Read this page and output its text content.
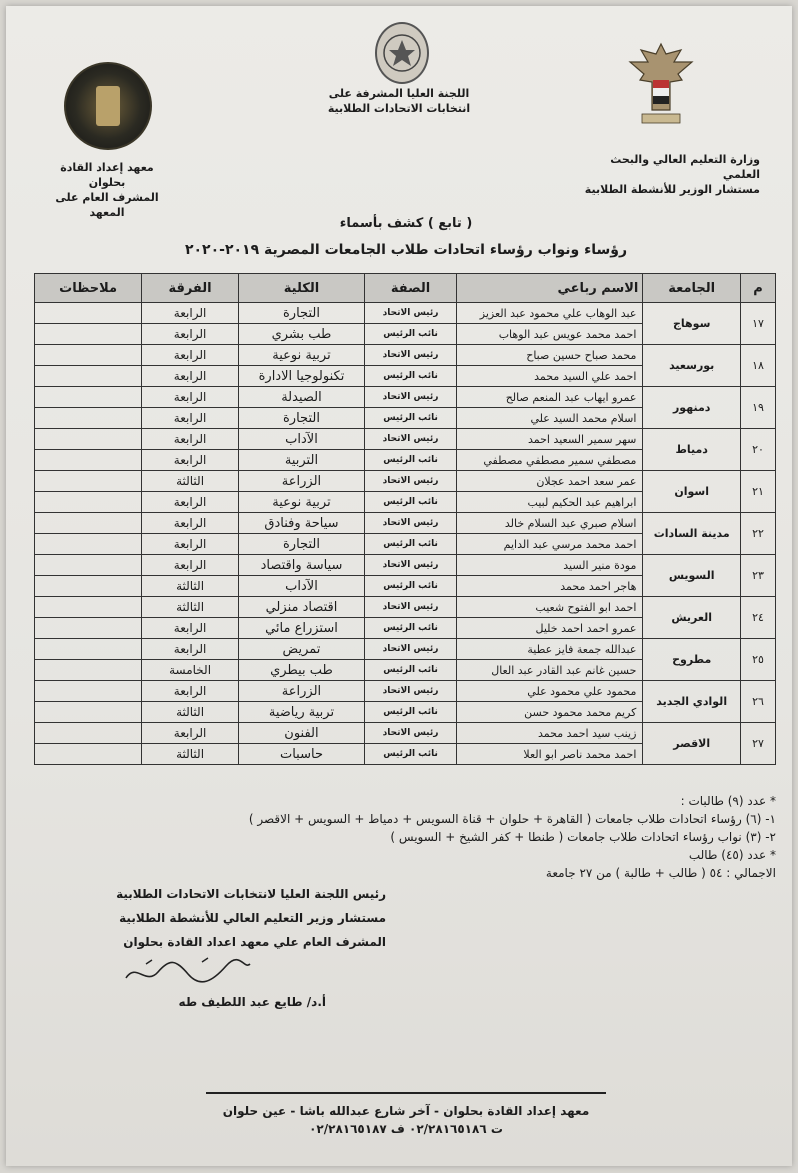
وزارة التعليم العالي والبحث العلمي
مستشار الوزير للأنشطة الطلابية
اللجنة العليا المشرفة على
انتخابات الاتحادات الطلابية
معهد إعداد القادة بحلوان
المشرف العام على المعهد
( تابع ) كشف بأسماء
رؤساء ونواب رؤساء اتحادات طلاب الجامعات المصرية ٢٠١٩-٢٠٢٠
م	الجامعة	الاسم رباعي	الصفة	الكلية	الفرقة	ملاحظات
١٧	سوهاج	عبد الوهاب علي محمود عبد العزيز	رئيس الاتحاد	التجارة	الرابعة	
		احمد محمد عويس عبد الوهاب	نائب الرئيس	طب بشري	الرابعة	
١٨	بورسعيد	محمد صباح حسين صباح	رئيس الاتحاد	تربية نوعية	الرابعة	
		احمد علي السيد محمد	نائب الرئيس	تكنولوجيا الادارة	الرابعة	
١٩	دمنهور	عمرو ايهاب عبد المنعم صالح	رئيس الاتحاد	الصيدلة	الرابعة	
		اسلام محمد السيد علي	نائب الرئيس	التجارة	الرابعة	
٢٠	دمياط	سهر سمير السعيد احمد	رئيس الاتحاد	الآداب	الرابعة	
		مصطفي سمير مصطفي مصطفي	نائب الرئيس	التربية	الرابعة	
٢١	اسوان	عمر سعد احمد عجلان	رئيس الاتحاد	الزراعة	الثالثة	
		ابراهيم عبد الحكيم لبيب	نائب الرئيس	تربية نوعية	الرابعة	
٢٢	مدينة السادات	اسلام صبري عبد السلام خالد	رئيس الاتحاد	سياحة وفنادق	الرابعة	
		احمد محمد مرسي عبد الدايم	نائب الرئيس	التجارة	الرابعة	
٢٣	السويس	مودة منير السيد	رئيس الاتحاد	سياسة واقتصاد	الرابعة	
		هاجر احمد محمد	نائب الرئيس	الآداب	الثالثة	
٢٤	العريش	احمد ابو الفتوح شعيب	رئيس الاتحاد	اقتصاد منزلي	الثالثة	
		عمرو احمد احمد خليل	نائب الرئيس	استزراع مائي	الرابعة	
٢٥	مطروح	عبدالله جمعة فايز عطية	رئيس الاتحاد	تمريض	الرابعة	
		حسين غانم عبد القادر عبد العال	نائب الرئيس	طب بيطري	الخامسة	
٢٦	الوادي الجديد	محمود علي محمود علي	رئيس الاتحاد	الزراعة	الرابعة	
		كريم محمد محمود حسن	نائب الرئيس	تربية رياضية	الثالثة	
٢٧	الاقصر	زينب سيد احمد محمد	رئيس الاتحاد	الفنون	الرابعة	
		احمد محمد ناصر ابو العلا	نائب الرئيس	حاسبات	الثالثة	
* عدد (٩) طالبات :
١- (٦) رؤساء اتحادات طلاب جامعات ( القاهرة + حلوان + قناة السويس + دمياط + السويس + الاقصر )
٢- (٣) نواب رؤساء اتحادات طلاب جامعات ( طنطا + كفر الشيخ + السويس )
* عدد (٤٥) طالب
الاجمالي : ٥٤ ( طالب + طالبة ) من ٢٧ جامعة
رئيس اللجنة العليا لانتخابات الاتحادات الطلابية
مستشار وزير التعليم العالي للأنشطة الطلابية
المشرف العام علي معهد اعداد القادة بحلوان
أ.د/ طايع عبد اللطيف طه
معهد إعداد القادة بحلوان - آخر شارع عبدالله باشا - عين حلوان
ت ٠٢/٢٨١٦٥١٨٦ ف ٠٢/٢٨١٦٥١٨٧
